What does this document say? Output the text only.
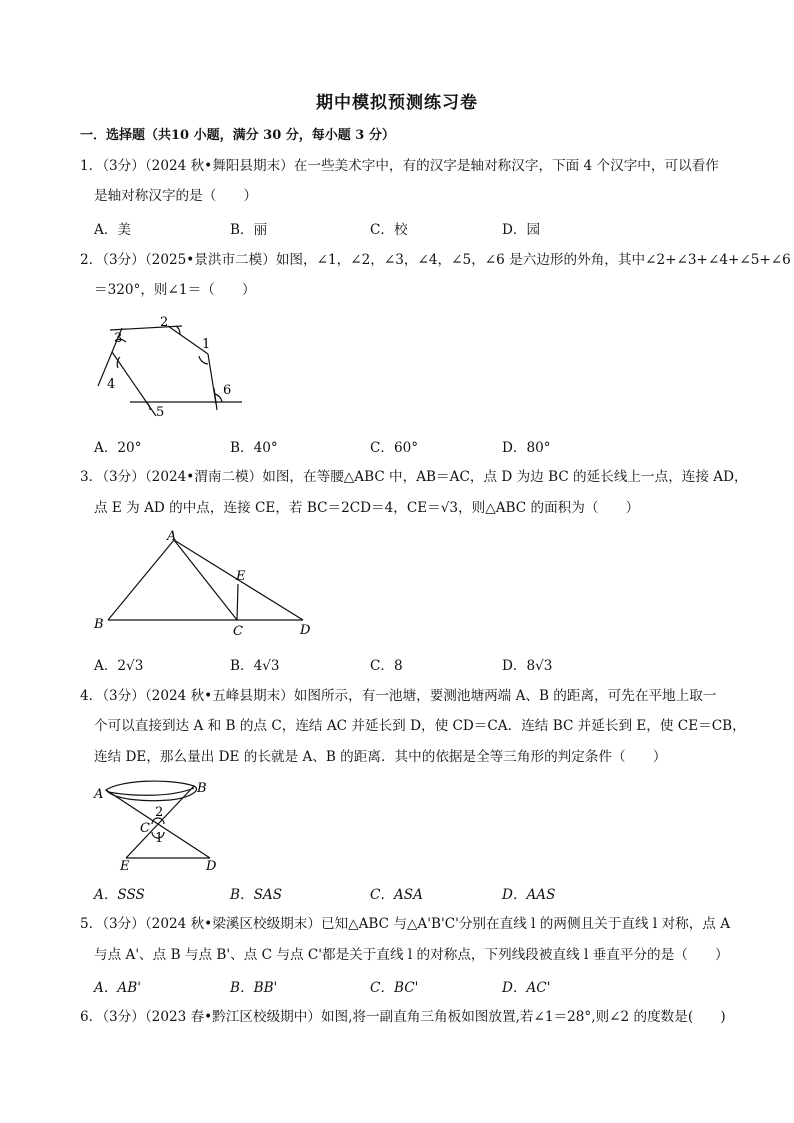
期中模拟预测练习卷
一．选择题（共10 小题，满分 30 分，每小题 3 分）
1．（3分）（2024 秋•舞阳县期末）在一些美术字中，有的汉字是轴对称汉字，下面 4 个汉字中，可以看作
是轴对称汉字的是（　　）
A．美	B．丽	C．校	D．园
2．（3分）（2025•景洪市二模）如图，∠1，∠2，∠3，∠4，∠5，∠6 是六边形的外角，其中∠2+∠3+∠4+∠5+∠6
＝320°，则∠1＝（　　）
1
2
3
4
5
6
A．20°	B．40°	C．60°	D．80°
3．（3分）（2024•渭南二模）如图，在等腰△ABC 中，AB＝AC，点 D 为边 BC 的延长线上一点，连接 AD，
点 E 为 AD 的中点，连接 CE，若 BC＝2CD＝4，CE＝√3，则△ABC 的面积为（　　）
A
B	C	D
E
A．2√3	B．4√3	C．8	D．8√3
4．（3分）（2024 秋•五峰县期末）如图所示，有一池塘，要测池塘两端 A、B 的距离，可先在平地上取一
个可以直接到达 A 和 B 的点 C，连结 AC 并延长到 D，使 CD＝CA．连结 BC 并延长到 E，使 CE＝CB，
连结 DE，那么量出 DE 的长就是 A、B 的距离．其中的依据是全等三角形的判定条件（　　）
A	B
C
D
E
1
2
A．SSS	B．SAS	C．ASA	D．AAS
5．（3分）（2024 秋•梁溪区校级期末）已知△ABC 与△A'B'C'分别在直线 l 的两侧且关于直线 l 对称，点 A
与点 A'、点 B 与点 B'、点 C 与点 C'都是关于直线 l 的对称点，下列线段被直线 l 垂直平分的是（　　）
A．AB'	B．BB'	C．BC'	D．AC'
6．（3分）（2023 春•黔江区校级期中）如图,将一副直角三角板如图放置,若∠1＝28°,则∠2 的度数是(　　)
